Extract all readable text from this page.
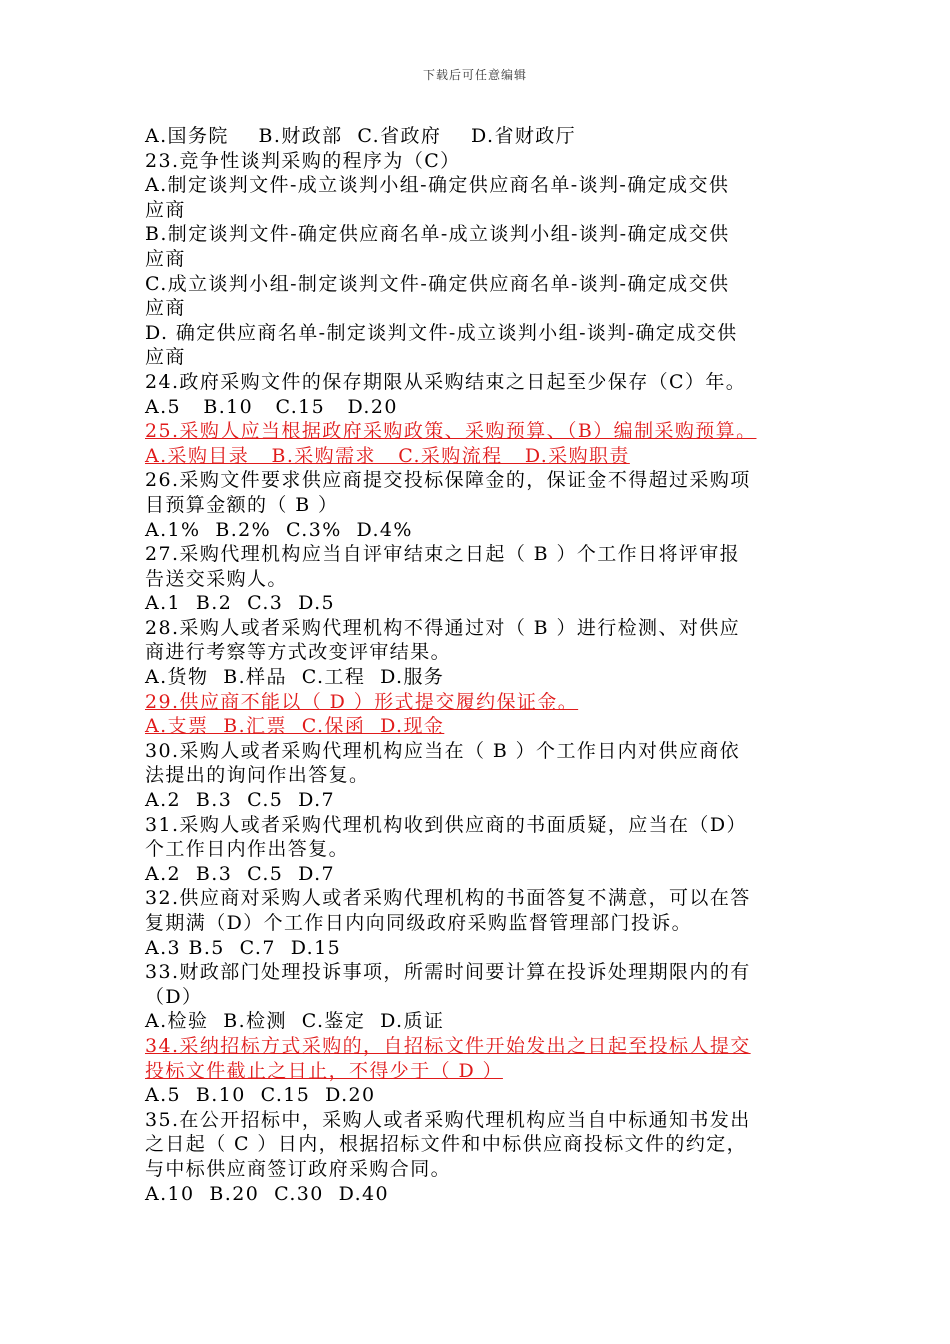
下载后可任意编辑
A.国务院    B.财政部  C.省政府    D.省财政厅
23.竞争性谈判采购的程序为（C）
A.制定谈判文件-成立谈判小组-确定供应商名单-谈判-确定成交供
应商
B.制定谈判文件-确定供应商名单-成立谈判小组-谈判-确定成交供
应商
C.成立谈判小组-制定谈判文件-确定供应商名单-谈判-确定成交供
应商
D. 确定供应商名单-制定谈判文件-成立谈判小组-谈判-确定成交供
应商
24.政府采购文件的保存期限从采购结束之日起至少保存（C）年。
A.5   B.10   C.15   D.20
25.采购人应当根据政府采购政策、采购预算、（B）编制采购预算。
A.采购目录   B.采购需求   C.采购流程   D.采购职责
26.采购文件要求供应商提交投标保障金的，保证金不得超过采购项
目预算金额的（ B ）
A.1%  B.2%  C.3%  D.4%
27.采购代理机构应当自评审结束之日起（ B ）个工作日将评审报
告送交采购人。
A.1  B.2  C.3  D.5
28.采购人或者采购代理机构不得通过对（ B ）进行检测、对供应
商进行考察等方式改变评审结果。
A.货物  B.样品  C.工程  D.服务
29.供应商不能以（ D ）形式提交履约保证金。
A.支票  B.汇票  C.保函  D.现金
30.采购人或者采购代理机构应当在（ B ）个工作日内对供应商依
法提出的询问作出答复。
A.2  B.3  C.5  D.7
31.采购人或者采购代理机构收到供应商的书面质疑，应当在（D）
个工作日内作出答复。
A.2  B.3  C.5  D.7
32.供应商对采购人或者采购代理机构的书面答复不满意，可以在答
复期满（D）个工作日内向同级政府采购监督管理部门投诉。
A.3 B.5  C.7  D.15
33.财政部门处理投诉事项，所需时间要计算在投诉处理期限内的有
（D）
A.检验  B.检测  C.鉴定  D.质证
34.采纳招标方式采购的，自招标文件开始发出之日起至投标人提交
投标文件截止之日止，不得少于（ D ）
A.5  B.10  C.15  D.20
35.在公开招标中，采购人或者采购代理机构应当自中标通知书发出
之日起（ C ）日内，根据招标文件和中标供应商投标文件的约定，
与中标供应商签订政府采购合同。
A.10  B.20  C.30  D.40
